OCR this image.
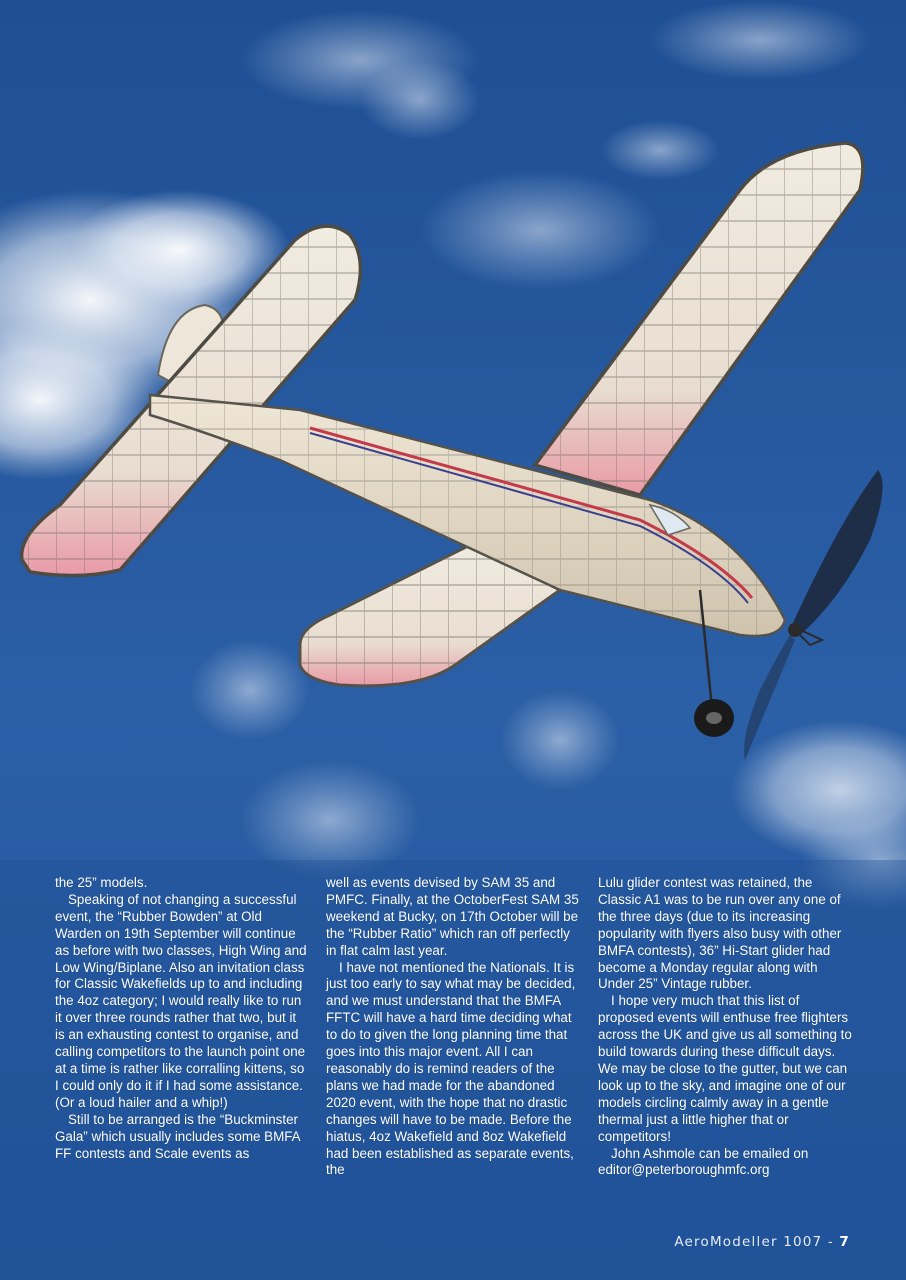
the 25” models.

Speaking of not changing a successful event, the “Rubber Bowden” at Old Warden on 19th September will continue as before with two classes, High Wing and Low Wing/Biplane. Also an invitation class for Classic Wakefields up to and including the 4oz category; I would really like to run it over three rounds rather that two, but it is an exhausting contest to organise, and calling competitors to the launch point one at a time is rather like corralling kittens, so I could only do it if I had some assistance. (Or a loud hailer and a whip!)

Still to be arranged is the “Buckminster Gala” which usually includes some BMFA FF contests and Scale events as

well as events devised by SAM 35 and PMFC. Finally, at the OctoberFest SAM 35 weekend at Bucky, on 17th October will be the “Rubber Ratio” which ran off perfectly in flat calm last year.

I have not mentioned the Nationals. It is just too early to say what may be decided, and we must understand that the BMFA FFTC will have a hard time deciding what to do to given the long planning time that goes into this major event. All I can reasonably do is remind readers of the plans we had made for the abandoned 2020 event, with the hope that no drastic changes will have to be made. Before the hiatus, 4oz Wakefield and 8oz Wakefield had been established as separate events, the

Lulu glider contest was retained, the Classic A1 was to be run over any one of the three days (due to its increasing popularity with flyers also busy with other BMFA contests), 36” Hi-Start glider had become a Monday regular along with Under 25” Vintage rubber.

I hope very much that this list of proposed events will enthuse free flighters across the UK and give us all something to build towards during these difficult days. We may be close to the gutter, but we can look up to the sky, and imagine one of our models circling calmly away in a gentle thermal just a little higher that or competitors!

John Ashmole can be emailed on editor@peterboroughmfc.org

AeroModeller 1007 - 7
